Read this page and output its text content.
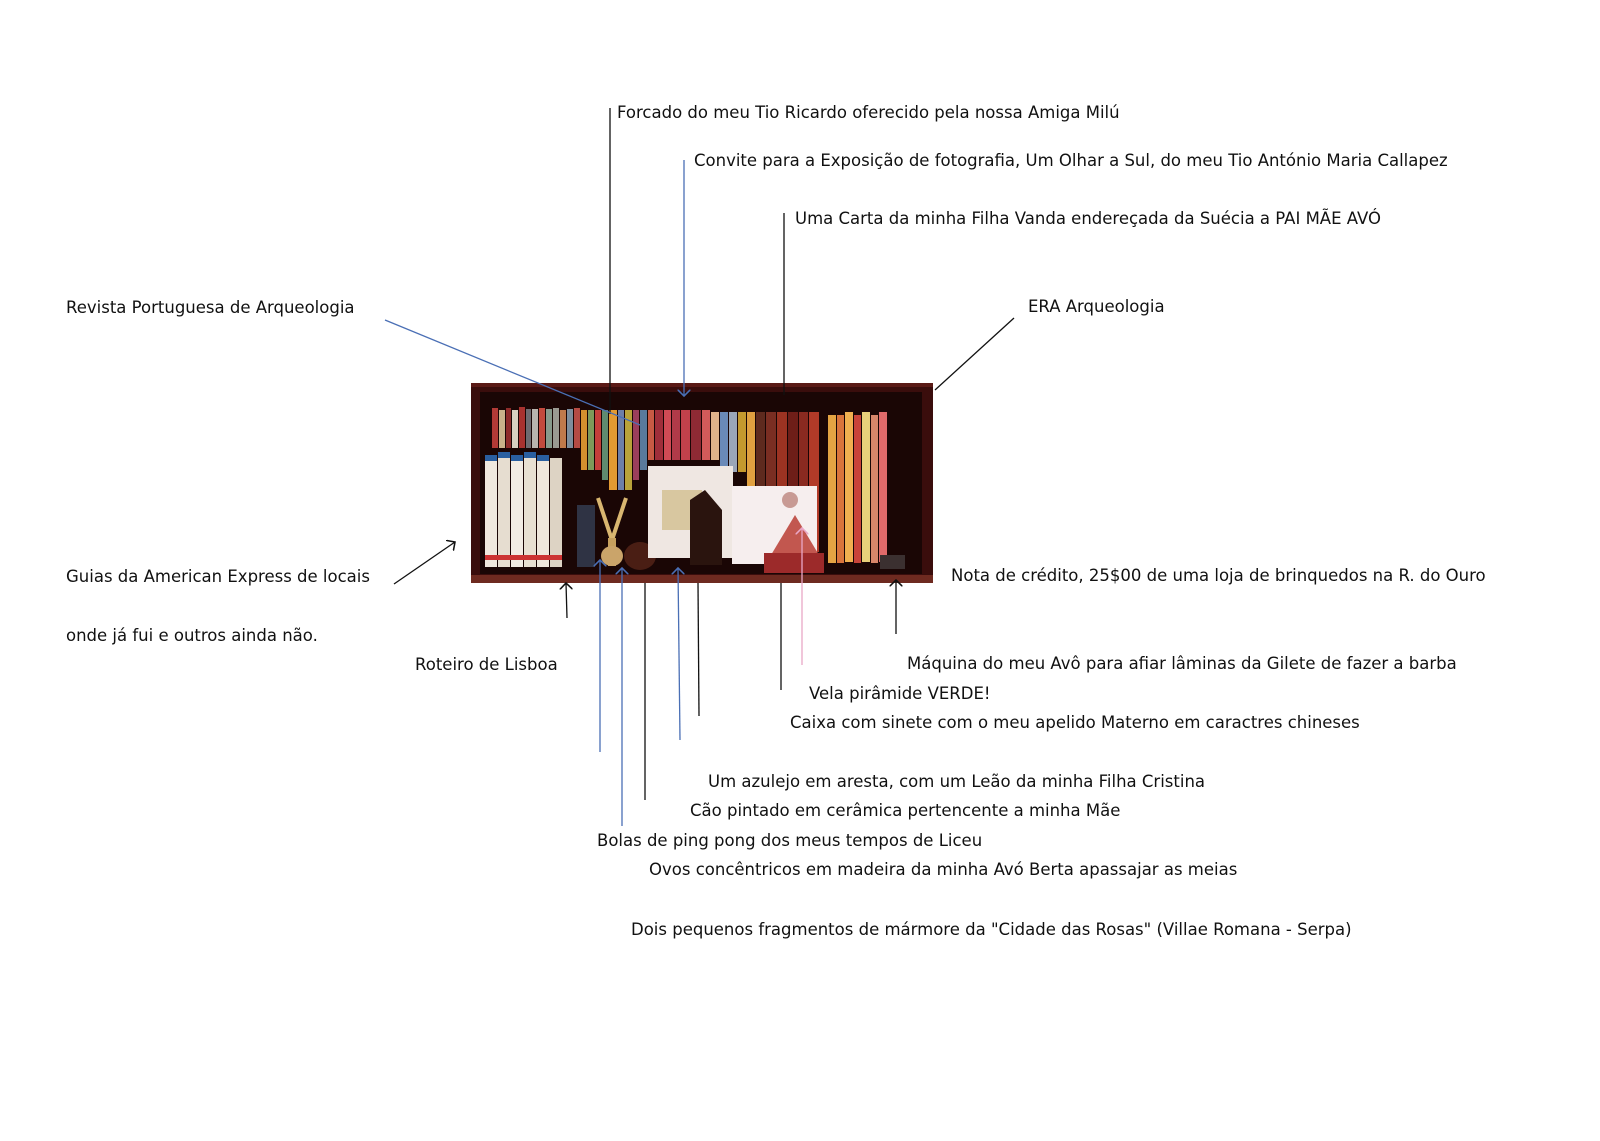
Forcado do meu Tio Ricardo oferecido pela nossa Amiga Milú
Convite para a Exposição de fotografia, Um Olhar a Sul, do meu Tio António Maria Callapez
Uma Carta da minha Filha Vanda endereçada da Suécia a PAI MÃE AVÓ
Revista Portuguesa de Arqueologia	ERA Arqueologia
Guias da American Express de locais
onde já fui e outros ainda não.
Nota de crédito, 25$00 de uma loja de brinquedos na R. do Ouro
Roteiro de Lisboa	Máquina do meu Avô para afiar lâminas da Gilete de fazer a barba
Vela pirâmide VERDE!
Caixa com sinete com o meu apelido Materno em caractres chineses
Um azulejo em aresta, com um Leão da minha Filha Cristina
Cão pintado em cerâmica pertencente a minha Mãe
Bolas de ping pong dos meus tempos de Liceu
Ovos concêntricos em madeira da minha Avó Berta apassajar as meias
Dois pequenos fragmentos de mármore da "Cidade das Rosas" (Villae Romana - Serpa)
